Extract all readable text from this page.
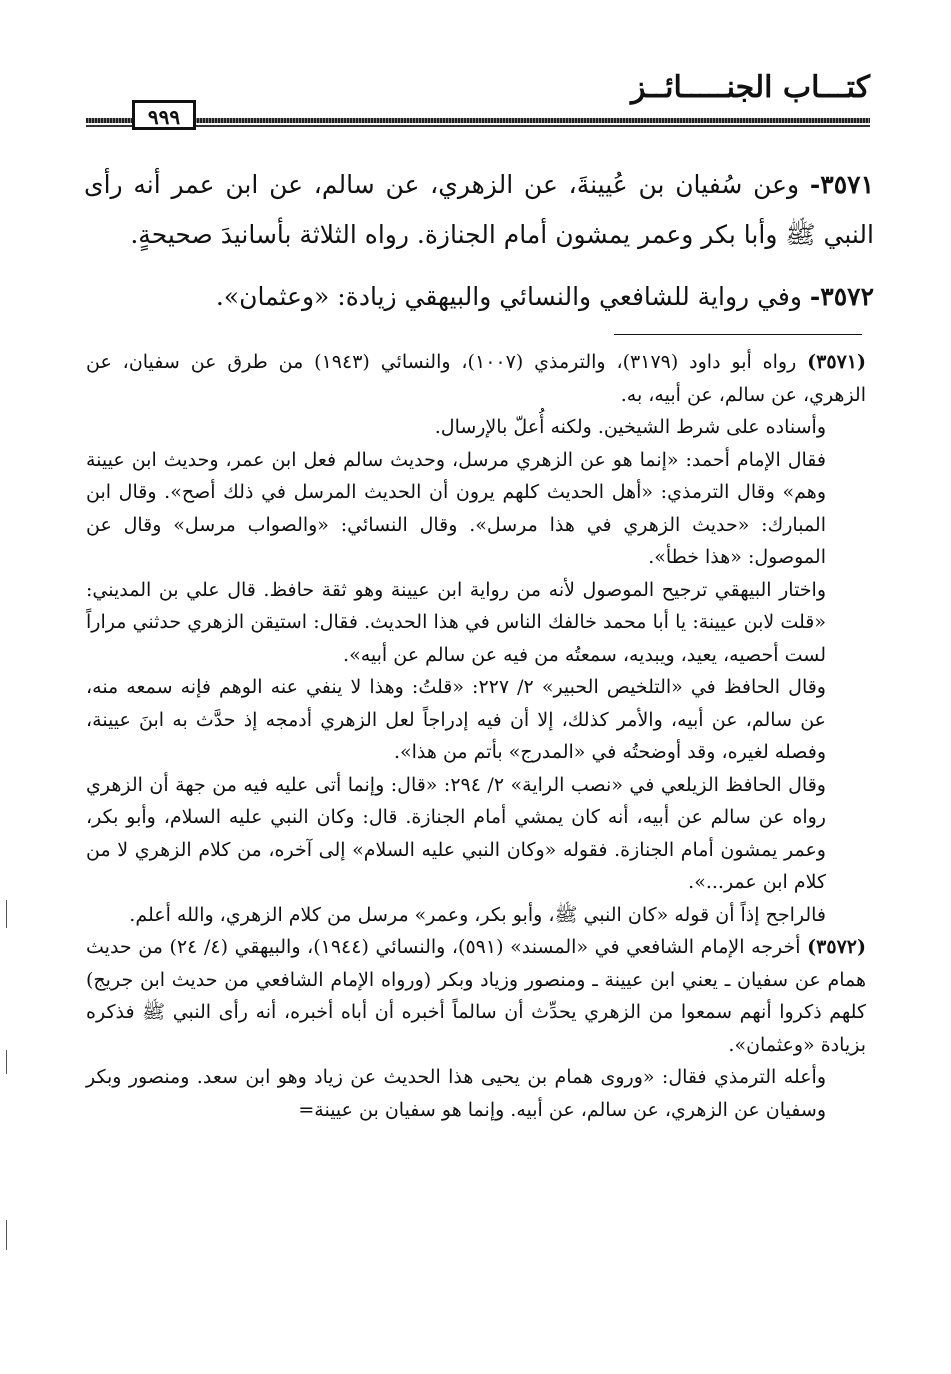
كتـــاب الجنـــــائــز
٩٩٩

٣٥٧١- وعن سُفيان بن عُيينةَ، عن الزهري، عن سالم، عن ابن عمر أنه رأى النبي ﷺ وأبا بكر وعمر يمشون أمام الجنازة. رواه الثلاثة بأسانيدَ صحيحةٍ.

٣٥٧٢- وفي رواية للشافعي والنسائي والبيهقي زيادة: «وعثمان».

(٣٥٧١) رواه أبو داود (٣١٧٩)، والترمذي (١٠٠٧)، والنسائي (١٩٤٣) من طرق عن سفيان، عن الزهري، عن سالم، عن أبيه، به.

وأسناده على شرط الشيخين. ولكنه أُعلّ بالإرسال.

فقال الإمام أحمد: «إنما هو عن الزهري مرسل، وحديث سالم فعل ابن عمر، وحديث ابن عيينة وهم» وقال الترمذي: «أهل الحديث كلهم يرون أن الحديث المرسل في ذلك أصح». وقال ابن المبارك: «حديث الزهري في هذا مرسل». وقال النسائي: «والصواب مرسل» وقال عن الموصول: «هذا خطأ».

واختار البيهقي ترجيح الموصول لأنه من رواية ابن عيينة وهو ثقة حافظ. قال علي بن المديني: «قلت لابن عيينة: يا أبا محمد خالفك الناس في هذا الحديث. فقال: استيقن الزهري حدثني مراراً لست أحصيه، يعيد، ويبديه، سمعتُه من فيه عن سالم عن أبيه».

وقال الحافظ في «التلخيص الحبير» ٢/ ٢٢٧: «قلتُ: وهذا لا ينفي عنه الوهم فإنه سمعه منه، عن سالم، عن أبيه، والأمر كذلك، إلا أن فيه إدراجاً لعل الزهري أدمجه إذ حدَّث به ابنَ عيينة، وفصله لغيره، وقد أوضحتُه في «المدرج» بأتم من هذا».

وقال الحافظ الزيلعي في «نصب الراية» ٢/ ٢٩٤: «قال: وإنما أتى عليه فيه من جهة أن الزهري رواه عن سالم عن أبيه، أنه كان يمشي أمام الجنازة. قال: وكان النبي عليه السلام، وأبو بكر، وعمر يمشون أمام الجنازة. فقوله «وكان النبي عليه السلام» إلى آخره، من كلام الزهري لا من كلام ابن عمر...».

فالراجح إذاً أن قوله «كان النبي ﷺ، وأبو بكر، وعمر» مرسل من كلام الزهري، والله أعلم.

(٣٥٧٢) أخرجه الإمام الشافعي في «المسند» (٥٩١)، والنسائي (١٩٤٤)، والبيهقي (٤/ ٢٤) من حديث همام عن سفيان ـ يعني ابن عيينة ـ ومنصور وزياد وبكر (ورواه الإمام الشافعي من حديث ابن جريج) كلهم ذكروا أنهم سمعوا من الزهري يحدِّث أن سالماً أخبره أن أباه أخبره، أنه رأى النبي ﷺ فذكره بزيادة «وعثمان».

وأعله الترمذي فقال: «وروى همام بن يحيى هذا الحديث عن زياد وهو ابن سعد. ومنصور وبكر وسفيان عن الزهري، عن سالم، عن أبيه. وإنما هو سفيان بن عيينة=
